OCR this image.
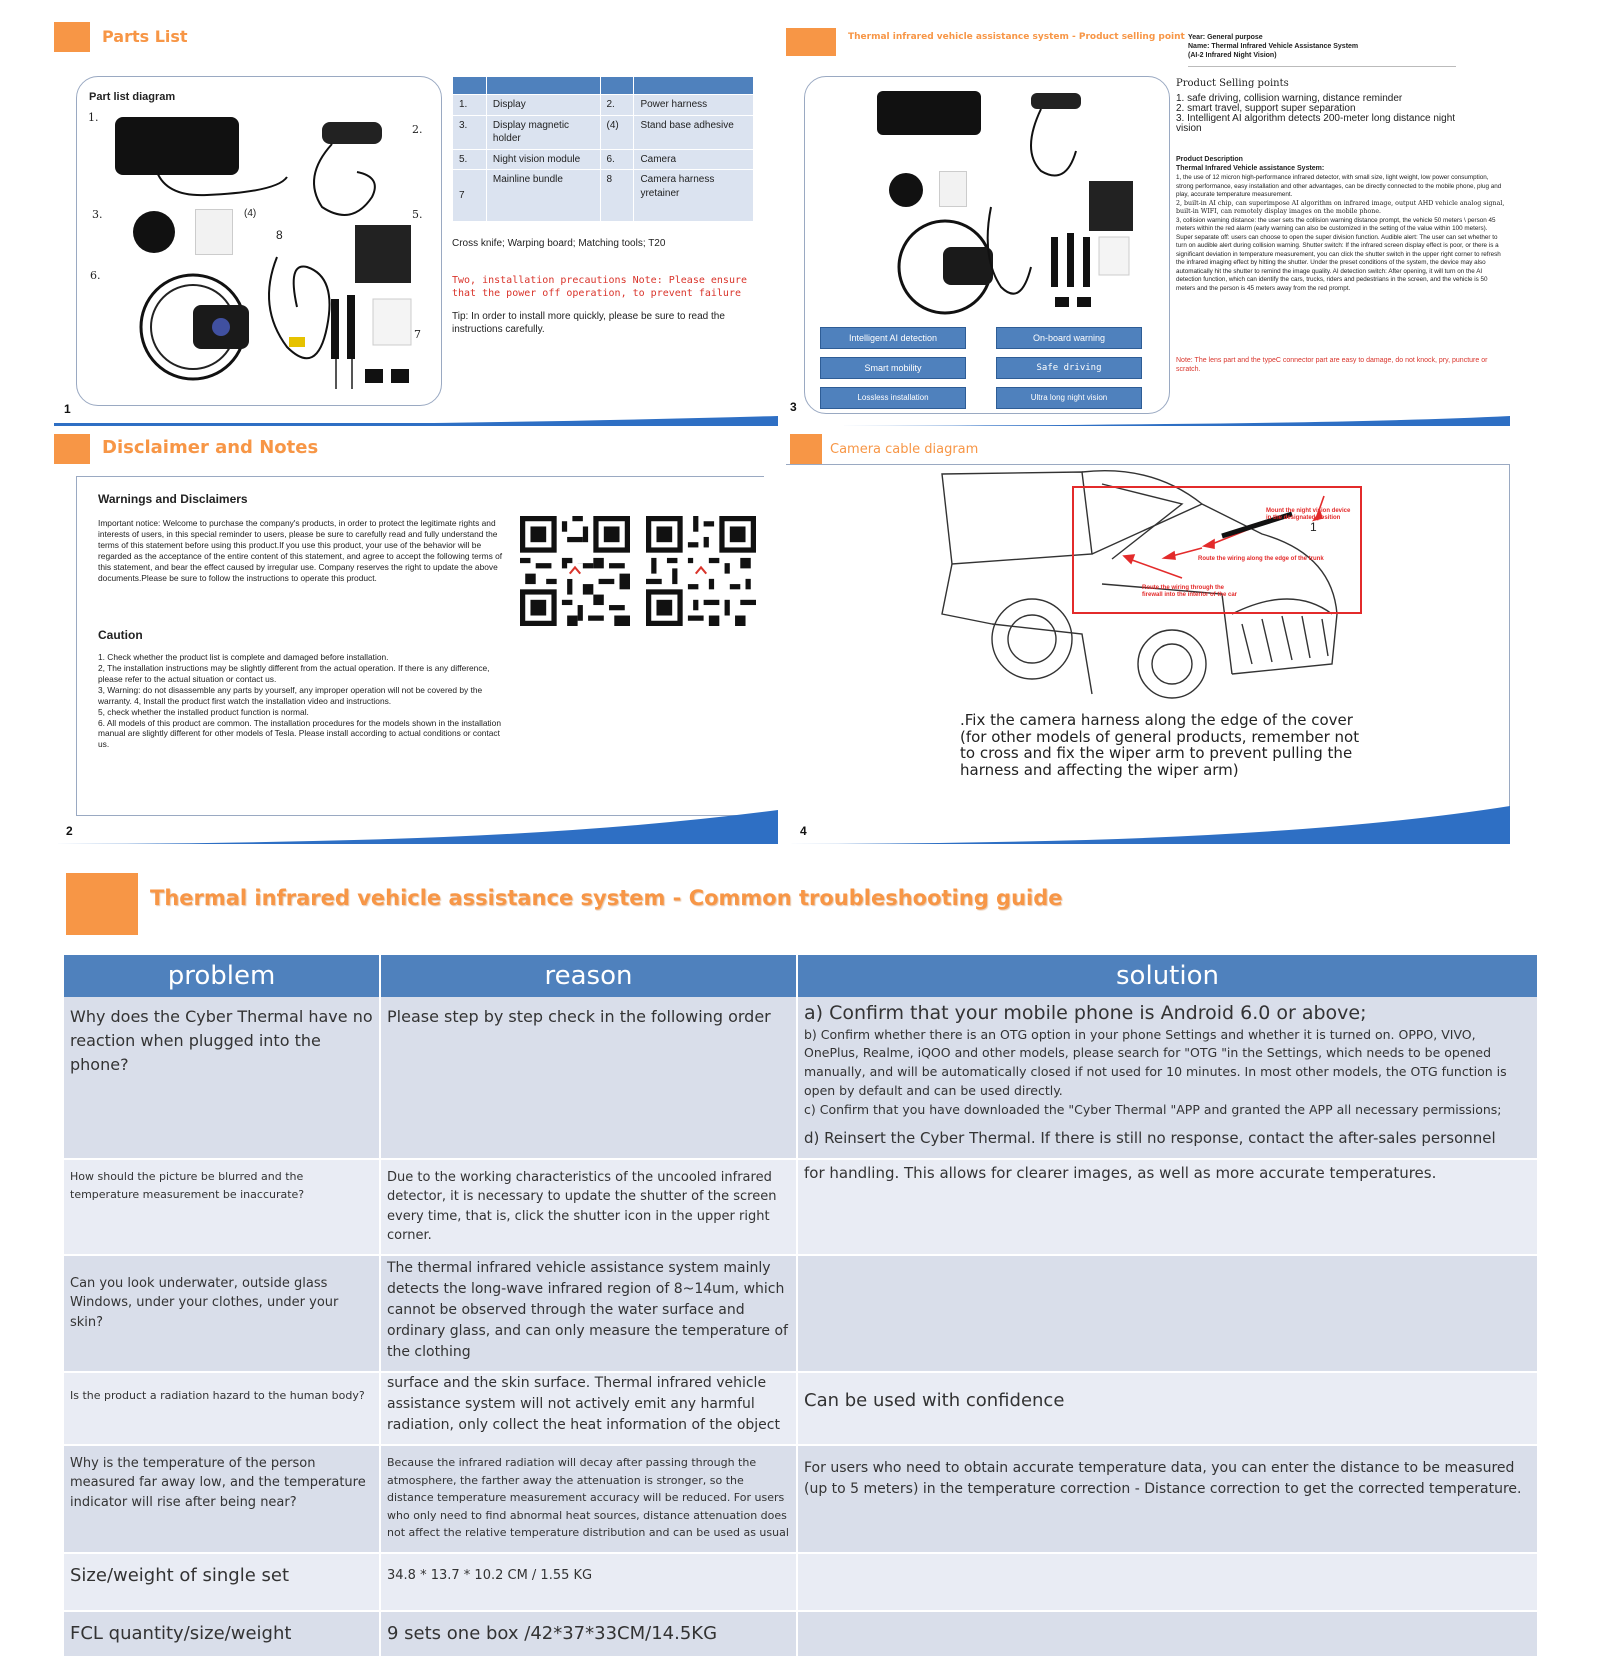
Parts List
Part list diagram
1.
2.
3.	(4)	5.
6.
7
8

1.	Display	2.	Power harness
3.	Display magnetic holder	(4)	Stand base adhesive
5.	Night vision module	6.	Camera
7	Mainline bundle	8	Camera harness yretainer
Cross knife; Warping board; Matching tools; T20
Two, installation precautions Note: Please ensure that the power off operation, to prevent failure
Tip: In order to install more quickly, please be sure to read the instructions carefully.
1
Thermal infrared vehicle assistance system - Product selling point Year: General purpose
Name: Thermal Infrared Vehicle Assistance System
(AI-2 Infrared Night Vision)
Intelligent AI detection	On-board warning
Smart mobility	Safe driving
Lossless installation	Ultra long night vision
Product Selling points
1. safe driving, collision warning, distance reminder
2. smart travel, support super separation
3. Intelligent AI algorithm detects 200-meter long distance night vision
Product Description
Thermal Infrared Vehicle assistance System:
1, the use of 12 micron high-performance infrared detector, with small size, light weight, low power consumption, strong performance, easy installation and other advantages, can be directly connected to the mobile phone, plug and play, accurate temperature measurement.
2, built-in AI chip, can superimpose AI algorithm on infrared image, output AHD vehicle analog signal, built-in WIFI, can remotely display images on the mobile phone.
3, collision warning distance: the user sets the collision warning distance prompt, the vehicle 50 meters \ person 45 meters within the red alarm (early warning can also be customized in the setting of the value within 100 meters). Super separate off: users can choose to open the super division function. Audible alert: The user can set whether to turn on audible alert during collision warning. Shutter switch: If the infrared screen display effect is poor, or there is a significant deviation in temperature measurement, you can click the shutter switch in the upper right corner to refresh the infrared imaging effect by hitting the shutter. Under the preset conditions of the system, the device may also automatically hit the shutter to remind the image quality. AI detection switch: After opening, it will turn on the AI detection function, which can identify the cars, trucks, riders and pedestrians in the screen, and the vehicle is 50 meters and the person is 45 meters away from the red prompt.
Note: The lens part and the typeC connector part are easy to damage, do not knock, pry, puncture or scratch.
3
Disclaimer and Notes
Warnings and Disclaimers
Important notice: Welcome to purchase the company's products, in order to protect the legitimate rights and interests of users, in this special reminder to users, please be sure to carefully read and fully understand the terms of this statement before using this product.If you use this product, your use of the behavior will be regarded as the acceptance of the entire content of this statement, and agree to accept the following terms of this statement, and bear the effect caused by irregular use. Company reserves the right to update the above documents.Please be sure to follow the instructions to operate this product.
Caution
1. Check whether the product list is complete and damaged before installation.
2, The installation instructions may be slightly different from the actual operation. If there is any difference, please refer to the actual situation or contact us.
3, Warning: do not disassemble any parts by yourself, any improper operation will not be covered by the warranty. 4, Install the product first watch the installation video and instructions.
5, check whether the installed product function is normal.
6. All models of this product are common. The installation procedures for the models shown in the installation manual are slightly different for other models of Tesla. Please install according to actual conditions or contact us.
2
Camera cable diagram
Mount the night vision device in the designated position
Route the wiring along the edge of the trunk
Route the wiring through the firewall into the interior of the car
1
.Fix the camera harness along the edge of the cover (for other models of general products, remember not to cross and fix the wiper arm to prevent pulling the harness and affecting the wiper arm)
4
Thermal infrared vehicle assistance system - Common troubleshooting guide
problem	reason	solution
Why does the Cyber Thermal have no reaction when plugged into the phone?	Please step by step check in the following order	a) Confirm that your mobile phone is Android 6.0 or above;
b) Confirm whether there is an OTG option in your phone Settings and whether it is turned on. OPPO, VIVO, OnePlus, Realme, iQOO and other models, please search for "OTG "in the Settings, which needs to be opened manually, and will be automatically closed if not used for 10 minutes. In most other models, the OTG function is open by default and can be used directly.
c) Confirm that you have downloaded the "Cyber Thermal "APP and granted the APP all necessary permissions;
d) Reinsert the Cyber Thermal. If there is still no response, contact the after-sales personnel

How should the picture be blurred and the temperature measurement be inaccurate?	Due to the working characteristics of the uncooled infrared detector, it is necessary to update the shutter of the screen every time, that is, click the shutter icon in the upper right corner.	for handling. This allows for clearer images, as well as more accurate temperatures.
Can you look underwater, outside glass Windows, under your clothes, under your skin?	The thermal infrared vehicle assistance system mainly detects the long-wave infrared region of 8~14um, which cannot be observed through the water surface and ordinary glass, and can only measure the temperature of the clothing	
Is the product a radiation hazard to the human body?	surface and the skin surface. Thermal infrared vehicle assistance system will not actively emit any harmful radiation, only collect the heat information of the object	Can be used with confidence
Why is the temperature of the person measured far away low, and the temperature indicator will rise after being near?	Because the infrared radiation will decay after passing through the atmosphere, the farther away the attenuation is stronger, so the distance temperature measurement accuracy will be reduced. For users who only need to find abnormal heat sources, distance attenuation does not affect the relative temperature distribution and can be used as usual	For users who need to obtain accurate temperature data, you can enter the distance to be measured (up to 5 meters) in the temperature correction - Distance correction to get the corrected temperature.
Size/weight of single set	34.8 * 13.7 * 10.2 CM / 1.55 KG	
FCL quantity/size/weight	9 sets one box /42*37*33CM/14.5KG	
